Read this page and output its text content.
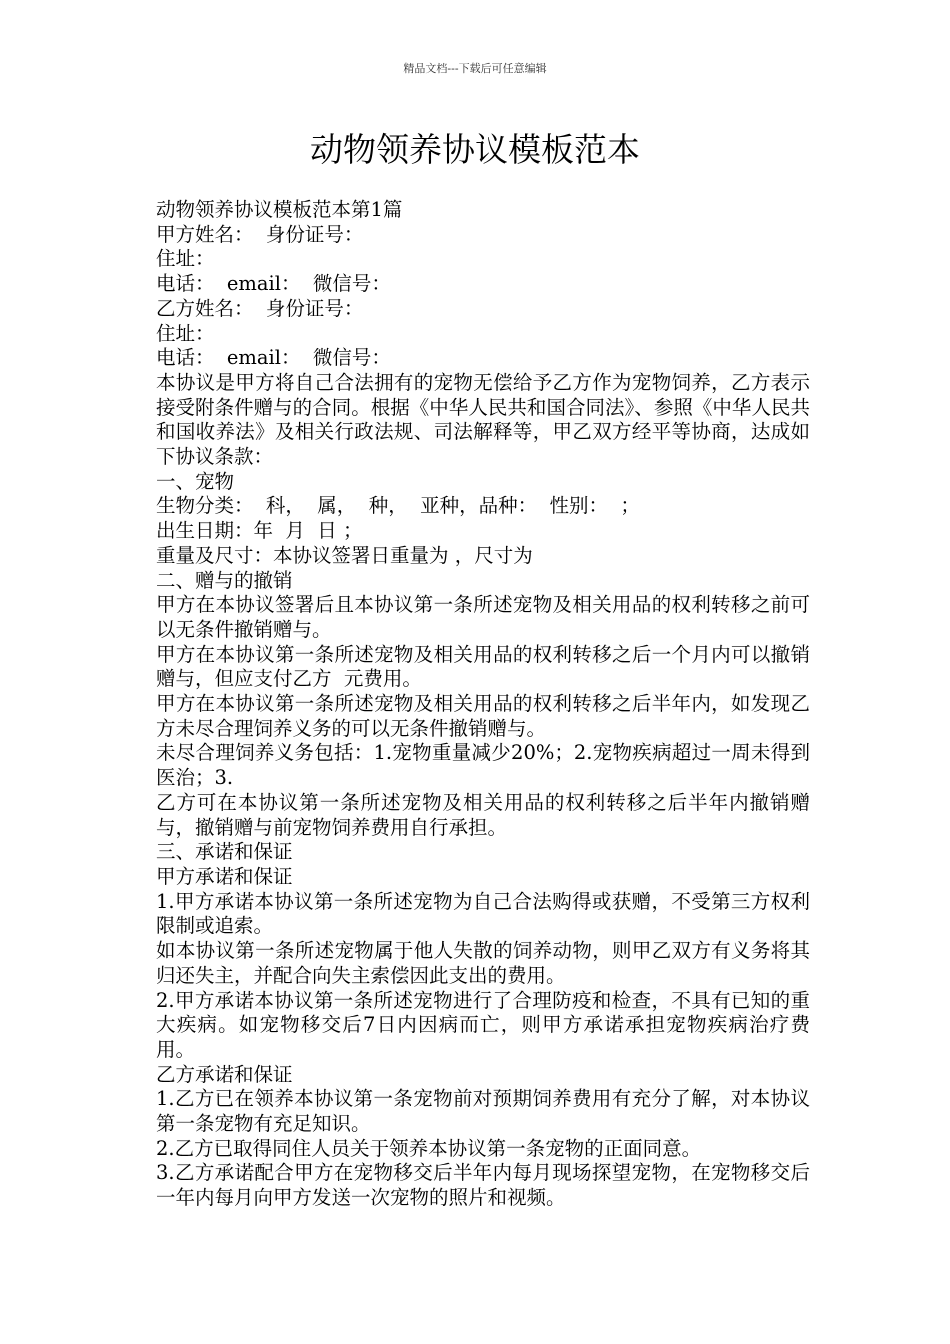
精品文档---下载后可任意编辑
动物领养协议模板范本

动物领养协议模板范本第1篇

甲方姓名：  身份证号：

住址：

电话：  email：  微信号：

乙方姓名：  身份证号：

住址：

电话：  email：  微信号：

本协议是甲方将自己合法拥有的宠物无偿给予乙方作为宠物饲养，乙方表示接受附条件赠与的合同。根据《中华人民共和国合同法》、参照《中华人民共和国收养法》及相关行政法规、司法解释等，甲乙双方经平等协商，达成如下协议条款：

一、宠物

生物分类：  科，  属，  种，  亚种，品种：  性别：  ；

出生日期：年  月  日 ；

重量及尺寸：本协议签署日重量为 ，尺寸为

二、赠与的撤销

甲方在本协议签署后且本协议第一条所述宠物及相关用品的权利转移之前可以无条件撤销赠与。

甲方在本协议第一条所述宠物及相关用品的权利转移之后一个月内可以撤销赠与，但应支付乙方  元费用。

甲方在本协议第一条所述宠物及相关用品的权利转移之后半年内，如发现乙方未尽合理饲养义务的可以无条件撤销赠与。

未尽合理饲养义务包括：1.宠物重量减少20%；2.宠物疾病超过一周未得到医治；3.

乙方可在本协议第一条所述宠物及相关用品的权利转移之后半年内撤销赠与，撤销赠与前宠物饲养费用自行承担。

三、承诺和保证

甲方承诺和保证

1.甲方承诺本协议第一条所述宠物为自己合法购得或获赠，不受第三方权利限制或追索。

如本协议第一条所述宠物属于他人失散的饲养动物，则甲乙双方有义务将其归还失主，并配合向失主索偿因此支出的费用。

2.甲方承诺本协议第一条所述宠物进行了合理防疫和检查，不具有已知的重大疾病。如宠物移交后7日内因病而亡，则甲方承诺承担宠物疾病治疗费用。

乙方承诺和保证

1.乙方已在领养本协议第一条宠物前对预期饲养费用有充分了解，对本协议第一条宠物有充足知识。

2.乙方已取得同住人员关于领养本协议第一条宠物的正面同意。

3.乙方承诺配合甲方在宠物移交后半年内每月现场探望宠物，在宠物移交后一年内每月向甲方发送一次宠物的照片和视频。
